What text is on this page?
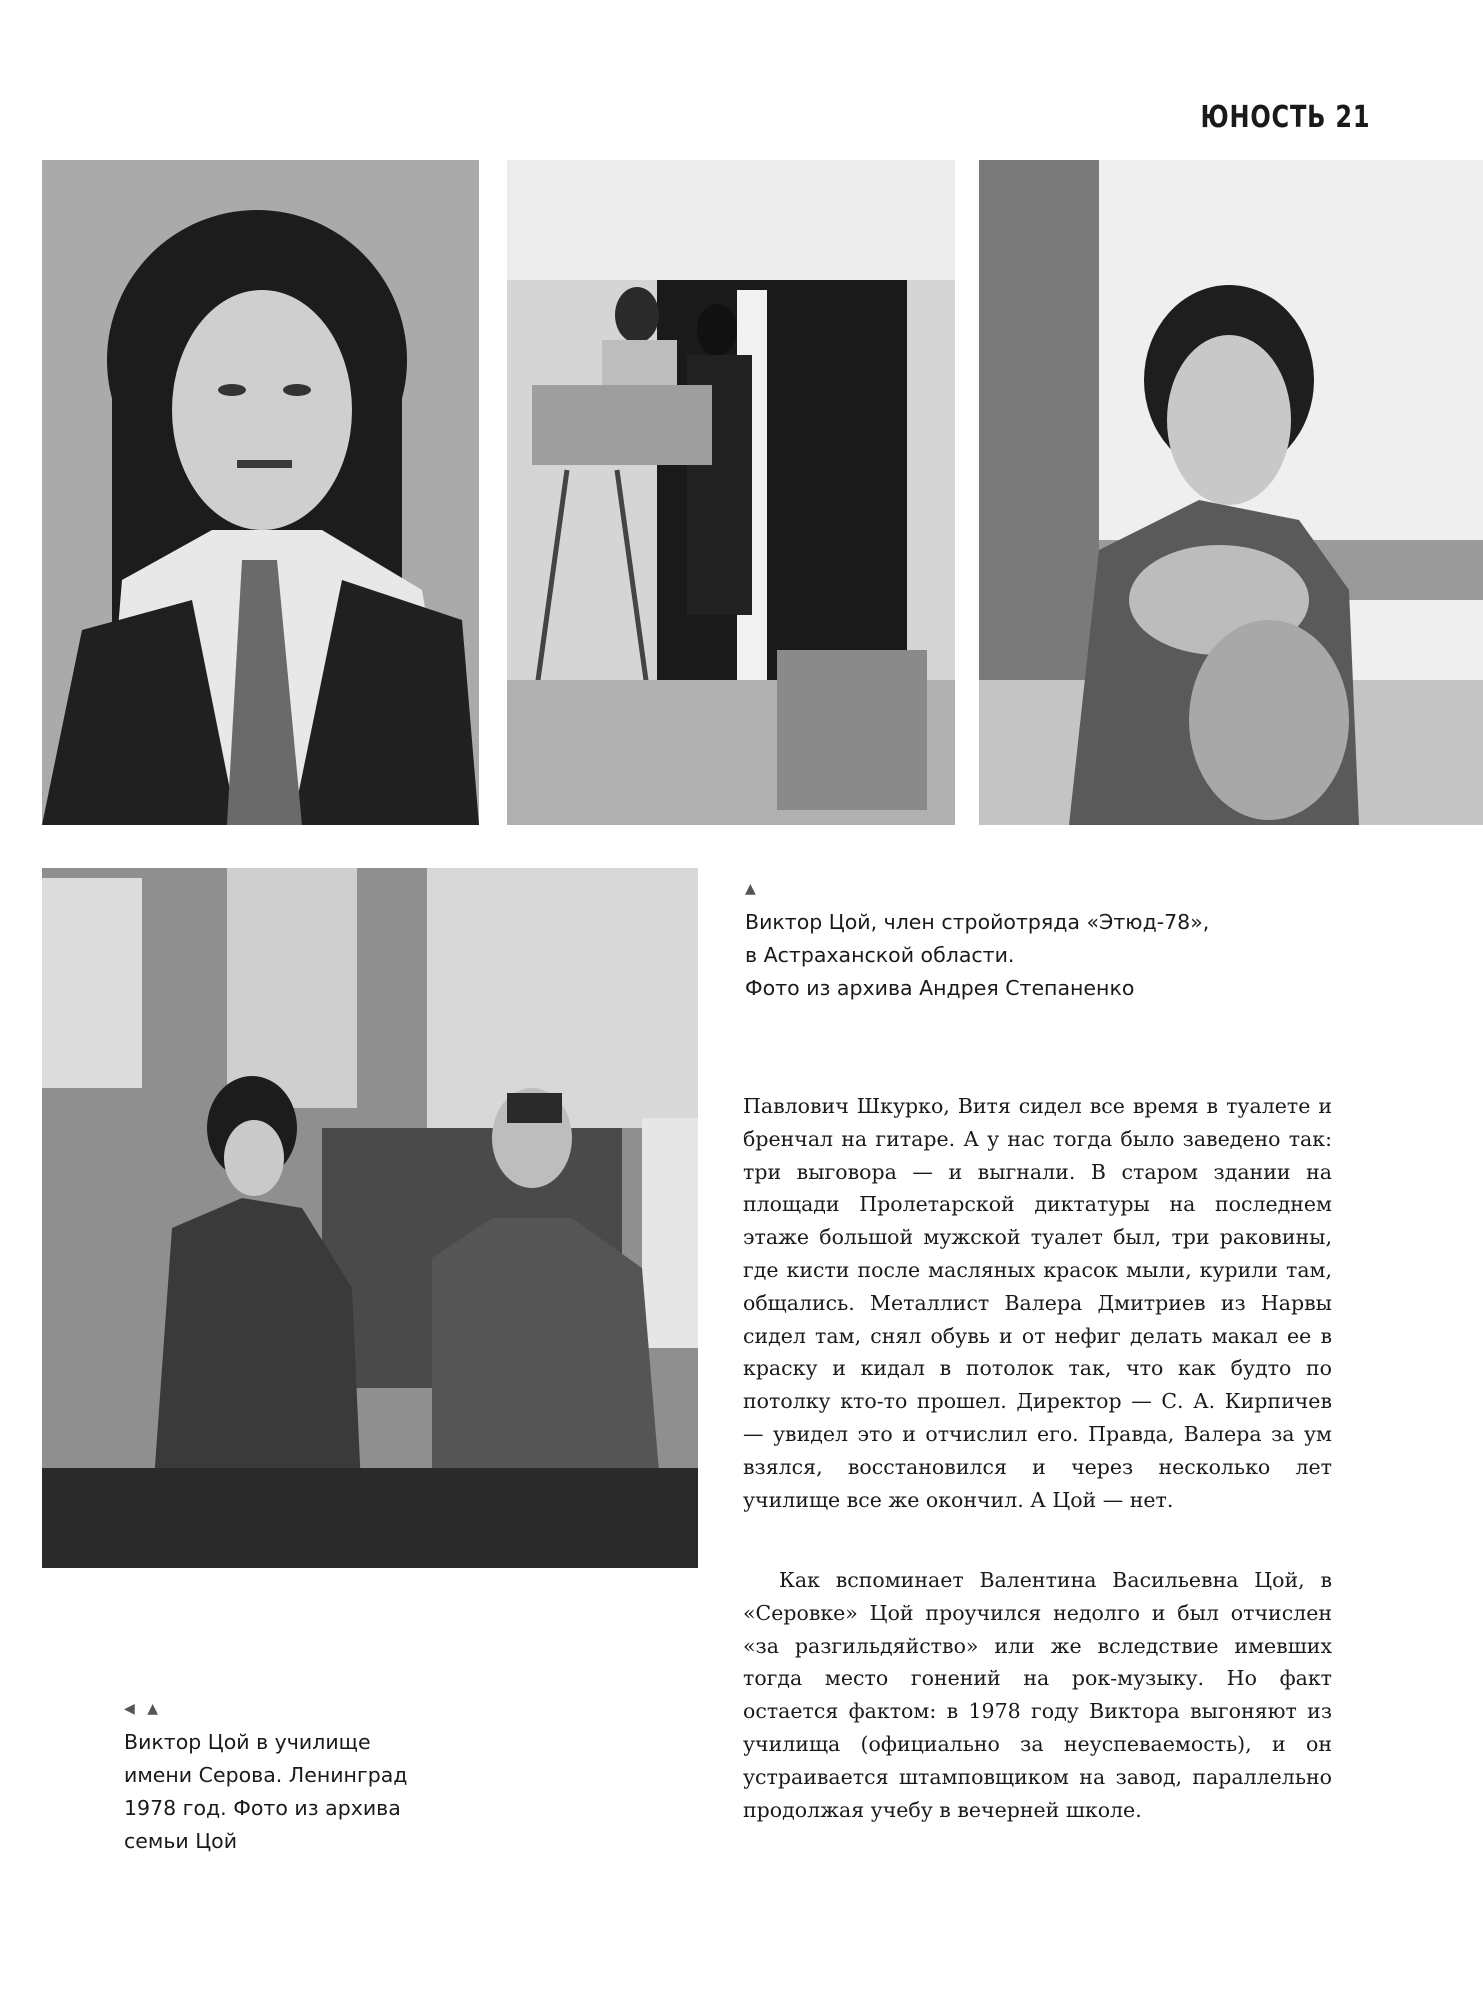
ЮНОСТЬ 21
▲
Виктор Цой, член стройотряда «Этюд-78»,
в Астраханской области.
Фото из архива Андрея Степаненко
◀ ▲
Виктор Цой в училище
имени Серова. Ленинград
1978 год. Фото из архива
семьи Цой

Павлович Шкурко, Витя сидел все время в туалете и бренчал на гитаре. А у нас тогда было заведено так: три выговора — и выгнали. В старом здании на площади Пролетарской диктатуры на последнем этаже большой мужской туалет был, три раковины, где кисти после масляных красок мыли, курили там, общались. Металлист Валера Дмитриев из Нарвы сидел там, снял обувь и от нефиг делать макал ее в краску и кидал в потолок так, что как будто по потолку кто-то прошел. Директор — С. А. Кирпичев — увидел это и отчислил его. Правда, Валера за ум взялся, восстановился и через несколько лет училище все же окончил. А Цой — нет.

Как вспоминает Валентина Васильевна Цой, в «Серовке» Цой проучился недолго и был отчислен «за разгильдяйство» или же вследствие имевших тогда место гонений на рок-музыку. Но факт остается фактом: в 1978 году Виктора выгоняют из училища (официально за неуспеваемость), и он устраивается штамповщиком на завод, параллельно продолжая учебу в вечерней школе.
